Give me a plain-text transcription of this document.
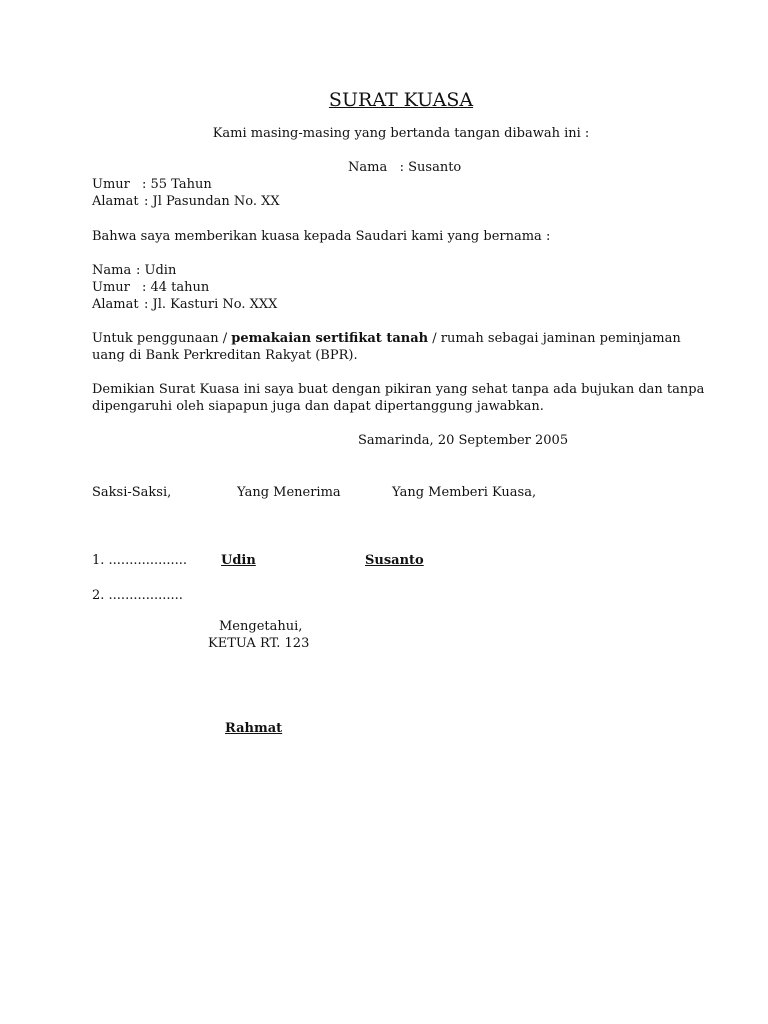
SURAT KUASA
Kami masing-masing yang bertanda tangan dibawah ini :
Nama : Susanto
Umur : 55 Tahun
Alamat : Jl Pasundan No. XX
Bahwa saya memberikan kuasa kepada Saudari kami yang bernama :
Nama : Udin
Umur : 44 tahun
Alamat : Jl. Kasturi No. XXX
Untuk penggunaan / pemakaian sertifikat tanah / rumah sebagai jaminan peminjaman
uang di Bank Perkreditan Rakyat (BPR).
Demikian Surat Kuasa ini saya buat dengan pikiran yang sehat tanpa ada bujukan dan tanpa
dipengaruhi oleh siapapun juga dan dapat dipertanggung jawabkan.
Samarinda, 20 September 2005
Saksi-Saksi,	Yang Menerima	Yang Memberi Kuasa,
1. ...................	Udin	Susanto
2. ..................
Mengetahui,
KETUA RT. 123
Rahmat
